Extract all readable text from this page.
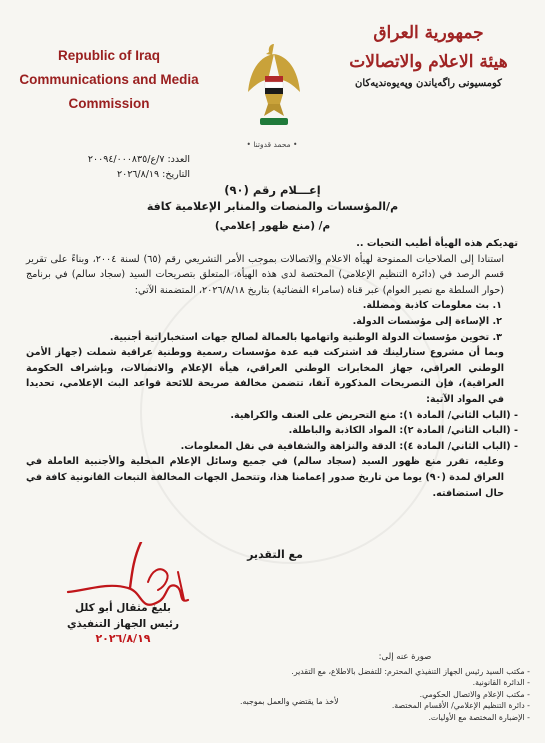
Republic of Iraq
Communications and Media
Commission
جمهورية العراق
هيئة الاعلام والاتصالات
كومسيونى راگەیاندن وپەیوەندیەکان
• محمد قدوتنا •
العدد: ٧/ع/٢٠٠٩٤/٠٠٠٨٣٥
التاريخ: ٢٠٢٦/٨/١٩
إعـــلام رقم (٩٠)
م/المؤسسات والمنصات والمنابر الإعلامية كافة
م/ (منع ظهور إعلامي)

تهديكم هذه الهيأة أطيب التحيات ..

استنادا إلى الصلاحيات الممنوحة لهيأة الاعلام والاتصالات بموجب الأمر التشريعي رقم (٦٥) لسنة ٢٠٠٤، وبناءً على تقرير قسم الرصد في (دائرة التنظيم الإعلامي) المختصة لدى هذه الهيأة، المتعلق بتصريحات السيد (سجاد سالم) في برنامج (حوار السلطة مع نصير العوام) عبر قناة (سامراء الفضائية) بتاريخ ٢٠٢٦/٨/١٨، المتضمنة الآتي:

١. بث معلومات كاذبة ومضللة.

٢. الإساءة إلى مؤسسات الدولة.

٣. تخوين مؤسسات الدولة الوطنية واتهامها بالعمالة لصالح جهات استخباراتية أجنبية.

وبما أن مشروع ستارلينك قد اشتركت فيه عدة مؤسسات رسمية ووطنية عراقية شملت (جهاز الأمن الوطني العراقي، جهاز المخابرات الوطني العراقي، هيأة الإعلام والاتصالات، وبإشراف الحكومة العراقية)، فإن التصريحات المذكورة آنفا، تتضمن مخالفة صريحة للائحة قواعد البث الإعلامي، تحديدا في المواد الآتية:

- (الباب الثاني/ المادة ١): منع التحريض على العنف والكراهية.

- (الباب الثاني/ المادة ٢): المواد الكاذبة والباطلة.

- (الباب الثاني/ المادة ٤): الدقة والنزاهة والشفافية في نقل المعلومات.

وعليه، تقرر منع ظهور السيد (سجاد سالم) في جميع وسائل الإعلام المحلية والأجنبية العاملة في العراق لمدة (٩٠) يوما من تاريخ صدور إعمامنا هذا، وتتحمل الجهات المخالفة التبعات القانونية كافة في حال استضافته.

مع التقدير
بليغ مثقال أبو كلل
رئيس الجهاز التنفيذي
٢٠٢٦/٨/١٩
صورة عنه إلى:
- مكتب السيد رئيس الجهاز التنفيذي المحترم: للتفضل بالاطلاع، مع التقدير.
- الدائرة القانونية.
- مكتب الإعلام والاتصال الحكومي.
- دائرة التنظيم الإعلامي/ الأقسام المختصة.
- الإضبارة المختصة مع الأوليات.
لأخذ ما يقتضي والعمل بموجبه.
